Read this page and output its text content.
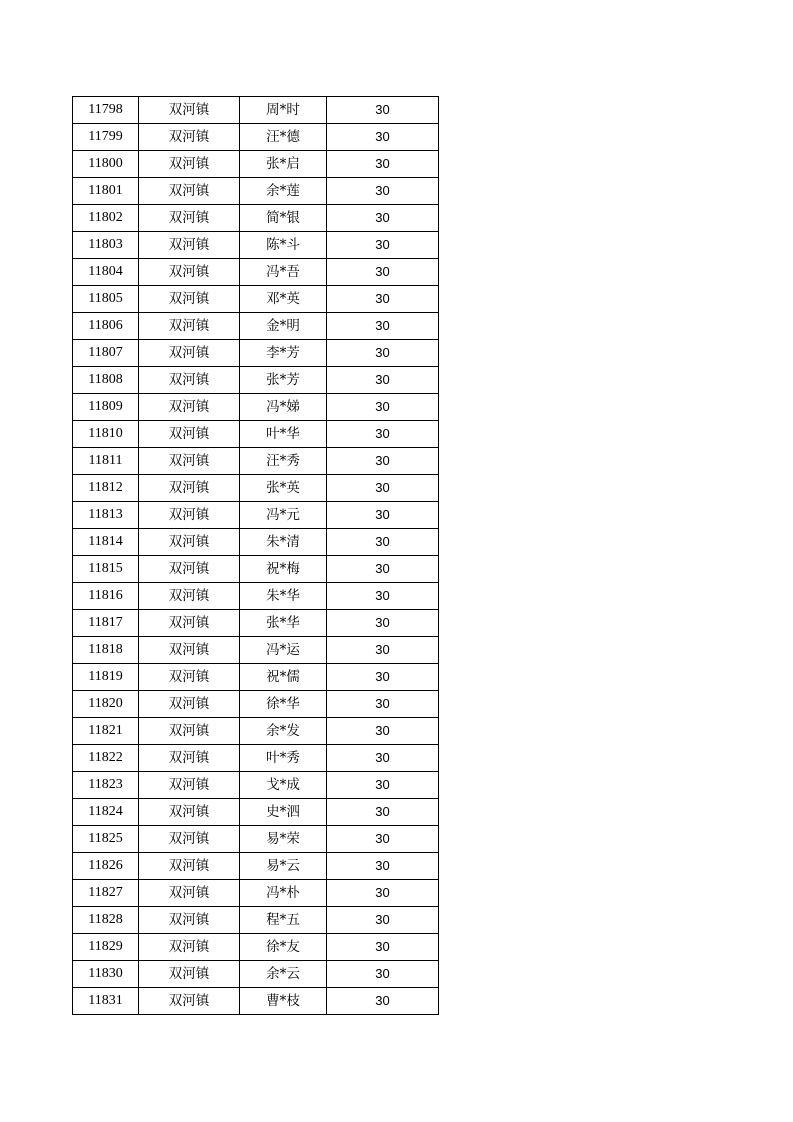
11798	双河镇	周*时	30
11799	双河镇	汪*德	30
11800	双河镇	张*启	30
11801	双河镇	余*莲	30
11802	双河镇	简*银	30
11803	双河镇	陈*斗	30
11804	双河镇	冯*吾	30
11805	双河镇	邓*英	30
11806	双河镇	金*明	30
11807	双河镇	李*芳	30
11808	双河镇	张*芳	30
11809	双河镇	冯*娣	30
11810	双河镇	叶*华	30
11811	双河镇	汪*秀	30
11812	双河镇	张*英	30
11813	双河镇	冯*元	30
11814	双河镇	朱*清	30
11815	双河镇	祝*梅	30
11816	双河镇	朱*华	30
11817	双河镇	张*华	30
11818	双河镇	冯*运	30
11819	双河镇	祝*儒	30
11820	双河镇	徐*华	30
11821	双河镇	余*发	30
11822	双河镇	叶*秀	30
11823	双河镇	戈*成	30
11824	双河镇	史*泗	30
11825	双河镇	易*荣	30
11826	双河镇	易*云	30
11827	双河镇	冯*朴	30
11828	双河镇	程*五	30
11829	双河镇	徐*友	30
11830	双河镇	余*云	30
11831	双河镇	曹*枝	30
